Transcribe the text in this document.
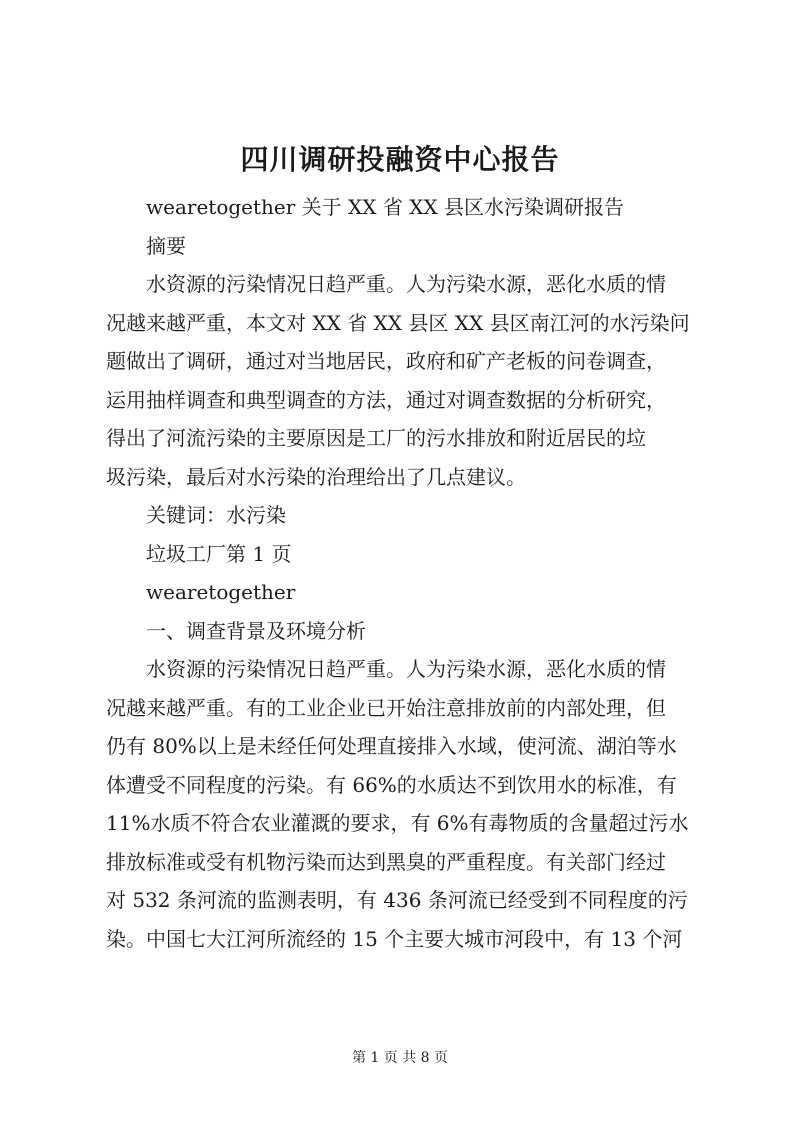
四川调研投融资中心报告
wearetogether 关于 XX 省 XX 县区水污染调研报告
摘要
水资源的污染情况日趋严重。人为污染水源，恶化水质的情
况越来越严重，本文对 XX 省 XX 县区 XX 县区南江河的水污染问
题做出了调研，通过对当地居民，政府和矿产老板的问卷调查，
运用抽样调查和典型调查的方法，通过对调查数据的分析研究，
得出了河流污染的主要原因是工厂的污水排放和附近居民的垃
圾污染，最后对水污染的治理给出了几点建议。
关键词：水污染
垃圾工厂第 1 页
wearetogether
一、调查背景及环境分析
水资源的污染情况日趋严重。人为污染水源，恶化水质的情
况越来越严重。有的工业企业已开始注意排放前的内部处理，但
仍有 80%以上是未经任何处理直接排入水域，使河流、湖泊等水
体遭受不同程度的污染。有 66%的水质达不到饮用水的标准，有
11%水质不符合农业灌溉的要求，有 6%有毒物质的含量超过污水
排放标准或受有机物污染而达到黑臭的严重程度。有关部门经过
对 532 条河流的监测表明，有 436 条河流已经受到不同程度的污
染。中国七大江河所流经的 15 个主要大城市河段中，有 13 个河
第 1 页 共 8 页
